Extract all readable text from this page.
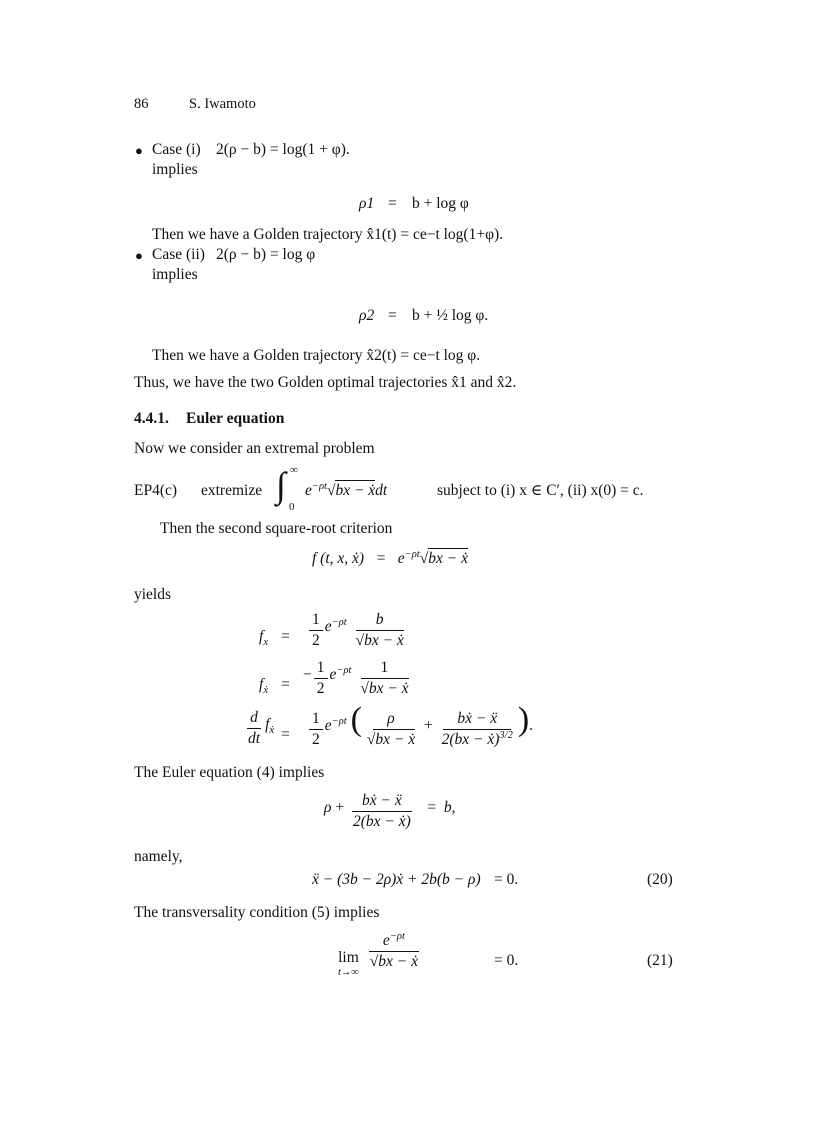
86	S. Iwamoto
● Case (i) 2(ρ − b) = log(1 + φ).
implies
ρ1 = b + log φ
Then we have a Golden trajectory x̂1(t) = ce−t log(1+φ).
● Case (ii) 2(ρ − b) = log φ
implies
ρ2 = b + ½ log φ.
Then we have a Golden trajectory x̂2(t) = ce−t log φ.
Thus, we have the two Golden optimal trajectories x̂1 and x̂2.
4.4.1. Euler equation
Now we consider an extremal problem
EP4(c) extremize ∫ ∞
0
$e^{-\rho t}√bx$ − ẋdt	subject to (i) x ∈ C′, (ii) x(0) = c.
Then the second square-root criterion
f (t, x, ẋ)   =   $e^{-\rho t}√bx$ − ẋ
yields
$f_x = \frac{1}{2} e^{-\rho t} \frac{b}{\text{√bx − ẋ}}$
$f_ẋ$ =
− $\frac{1}{2} e^{-\rho t} \frac{1}{\text{√bx − ẋ}}$
$\frac{d}{dt} f_ẋ = \frac{1}{2} e^{-\rho t}$ ( $\frac{\rho}{\text{√bx − ẋ}} + \frac{\text{bẋ − ẍ}}{2(bx - ẋ)^{3/2}}$ ).
The Euler equation (4) implies
$\rho + \frac{\text{bẋ − ẍ}}{\text{2(bx − ẋ)}} = b$,
namely,
ẍ − (3b − 2ρ)ẋ + 2b(b − ρ) = 0.	(20)
The transversality condition (5) implies
lim
t→∞

$\frac{e^{-\rho t}}{\text{√bx − ẋ}}$	= 0.	(21)
